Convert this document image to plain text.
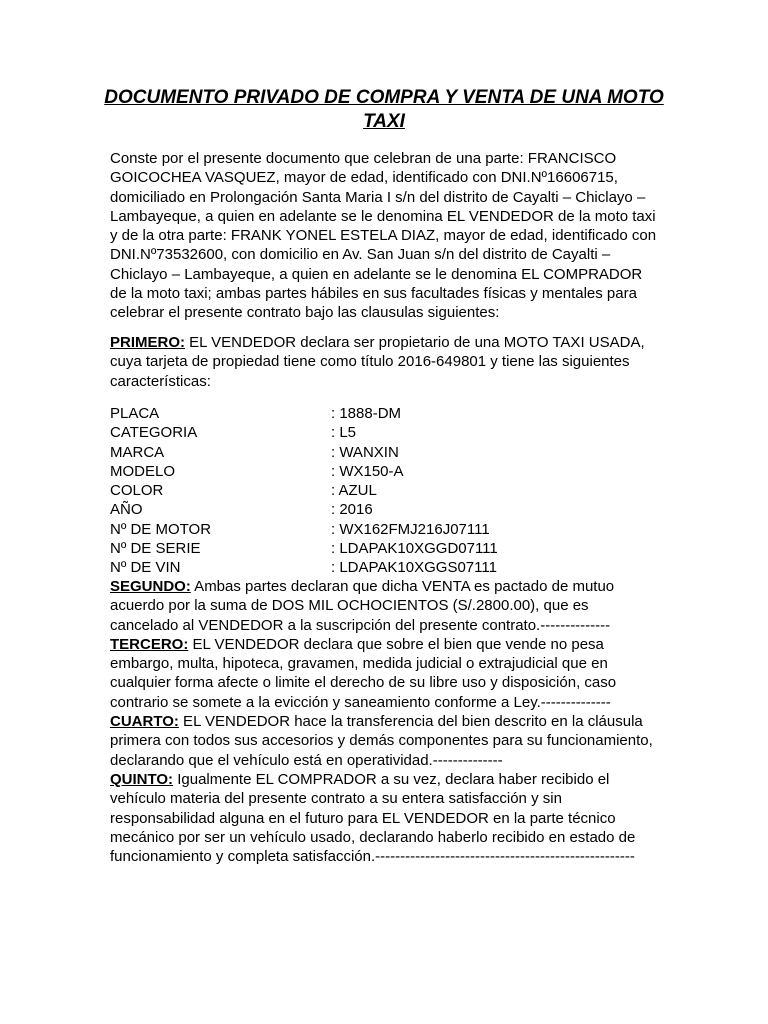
DOCUMENTO PRIVADO DE COMPRA Y VENTA DE UNA MOTO TAXI

Conste por el presente documento que celebran de una parte: FRANCISCO GOICOCHEA VASQUEZ, mayor de edad, identificado con DNI.Nº16606715, domiciliado en Prolongación Santa Maria I s/n del distrito de Cayalti – Chiclayo – Lambayeque, a quien en adelante se le denomina EL VENDEDOR de la moto taxi y de la otra parte: FRANK YONEL ESTELA DIAZ, mayor de edad, identificado con DNI.Nº73532600, con domicilio en Av. San Juan s/n del distrito de Cayalti – Chiclayo – Lambayeque, a quien en adelante se le denomina EL COMPRADOR de la moto taxi; ambas partes hábiles en sus facultades físicas y mentales para celebrar el presente contrato bajo las clausulas siguientes:

PRIMERO: EL VENDEDOR declara ser propietario de una MOTO TAXI USADA, cuya tarjeta de propiedad tiene como título 2016-649801 y tiene las siguientes características:

PLACA	: 1888-DM
CATEGORIA	: L5
MARCA	: WANXIN
MODELO	: WX150-A
COLOR	: AZUL
AÑO	: 2016
Nº DE MOTOR	: WX162FMJ216J07111
Nº DE SERIE	: LDAPAK10XGGD07111
Nº DE VIN	: LDAPAK10XGGS07111

SEGUNDO: Ambas partes declaran que dicha VENTA es pactado de mutuo acuerdo por la suma de DOS MIL OCHOCIENTOS (S/.2800.00), que es cancelado al VENDEDOR a la suscripción del presente contrato.--------------

TERCERO: EL VENDEDOR declara que sobre el bien que vende no pesa embargo, multa, hipoteca, gravamen, medida judicial o extrajudicial que en cualquier forma afecte o limite el derecho de su libre uso y disposición, caso contrario se somete a la evicción y saneamiento conforme a Ley.--------------

CUARTO: EL VENDEDOR hace la transferencia del bien descrito en la cláusula primera con todos sus accesorios y demás componentes para su funcionamiento, declarando que el vehículo está en operatividad.--------------

QUINTO: Igualmente EL COMPRADOR a su vez, declara haber recibido el vehículo materia del presente contrato a su entera satisfacción y sin responsabilidad alguna en el futuro para EL VENDEDOR en la parte técnico mecánico por ser un vehículo usado, declarando haberlo recibido en estado de funcionamiento y completa satisfacción.----------------------------------------------------
